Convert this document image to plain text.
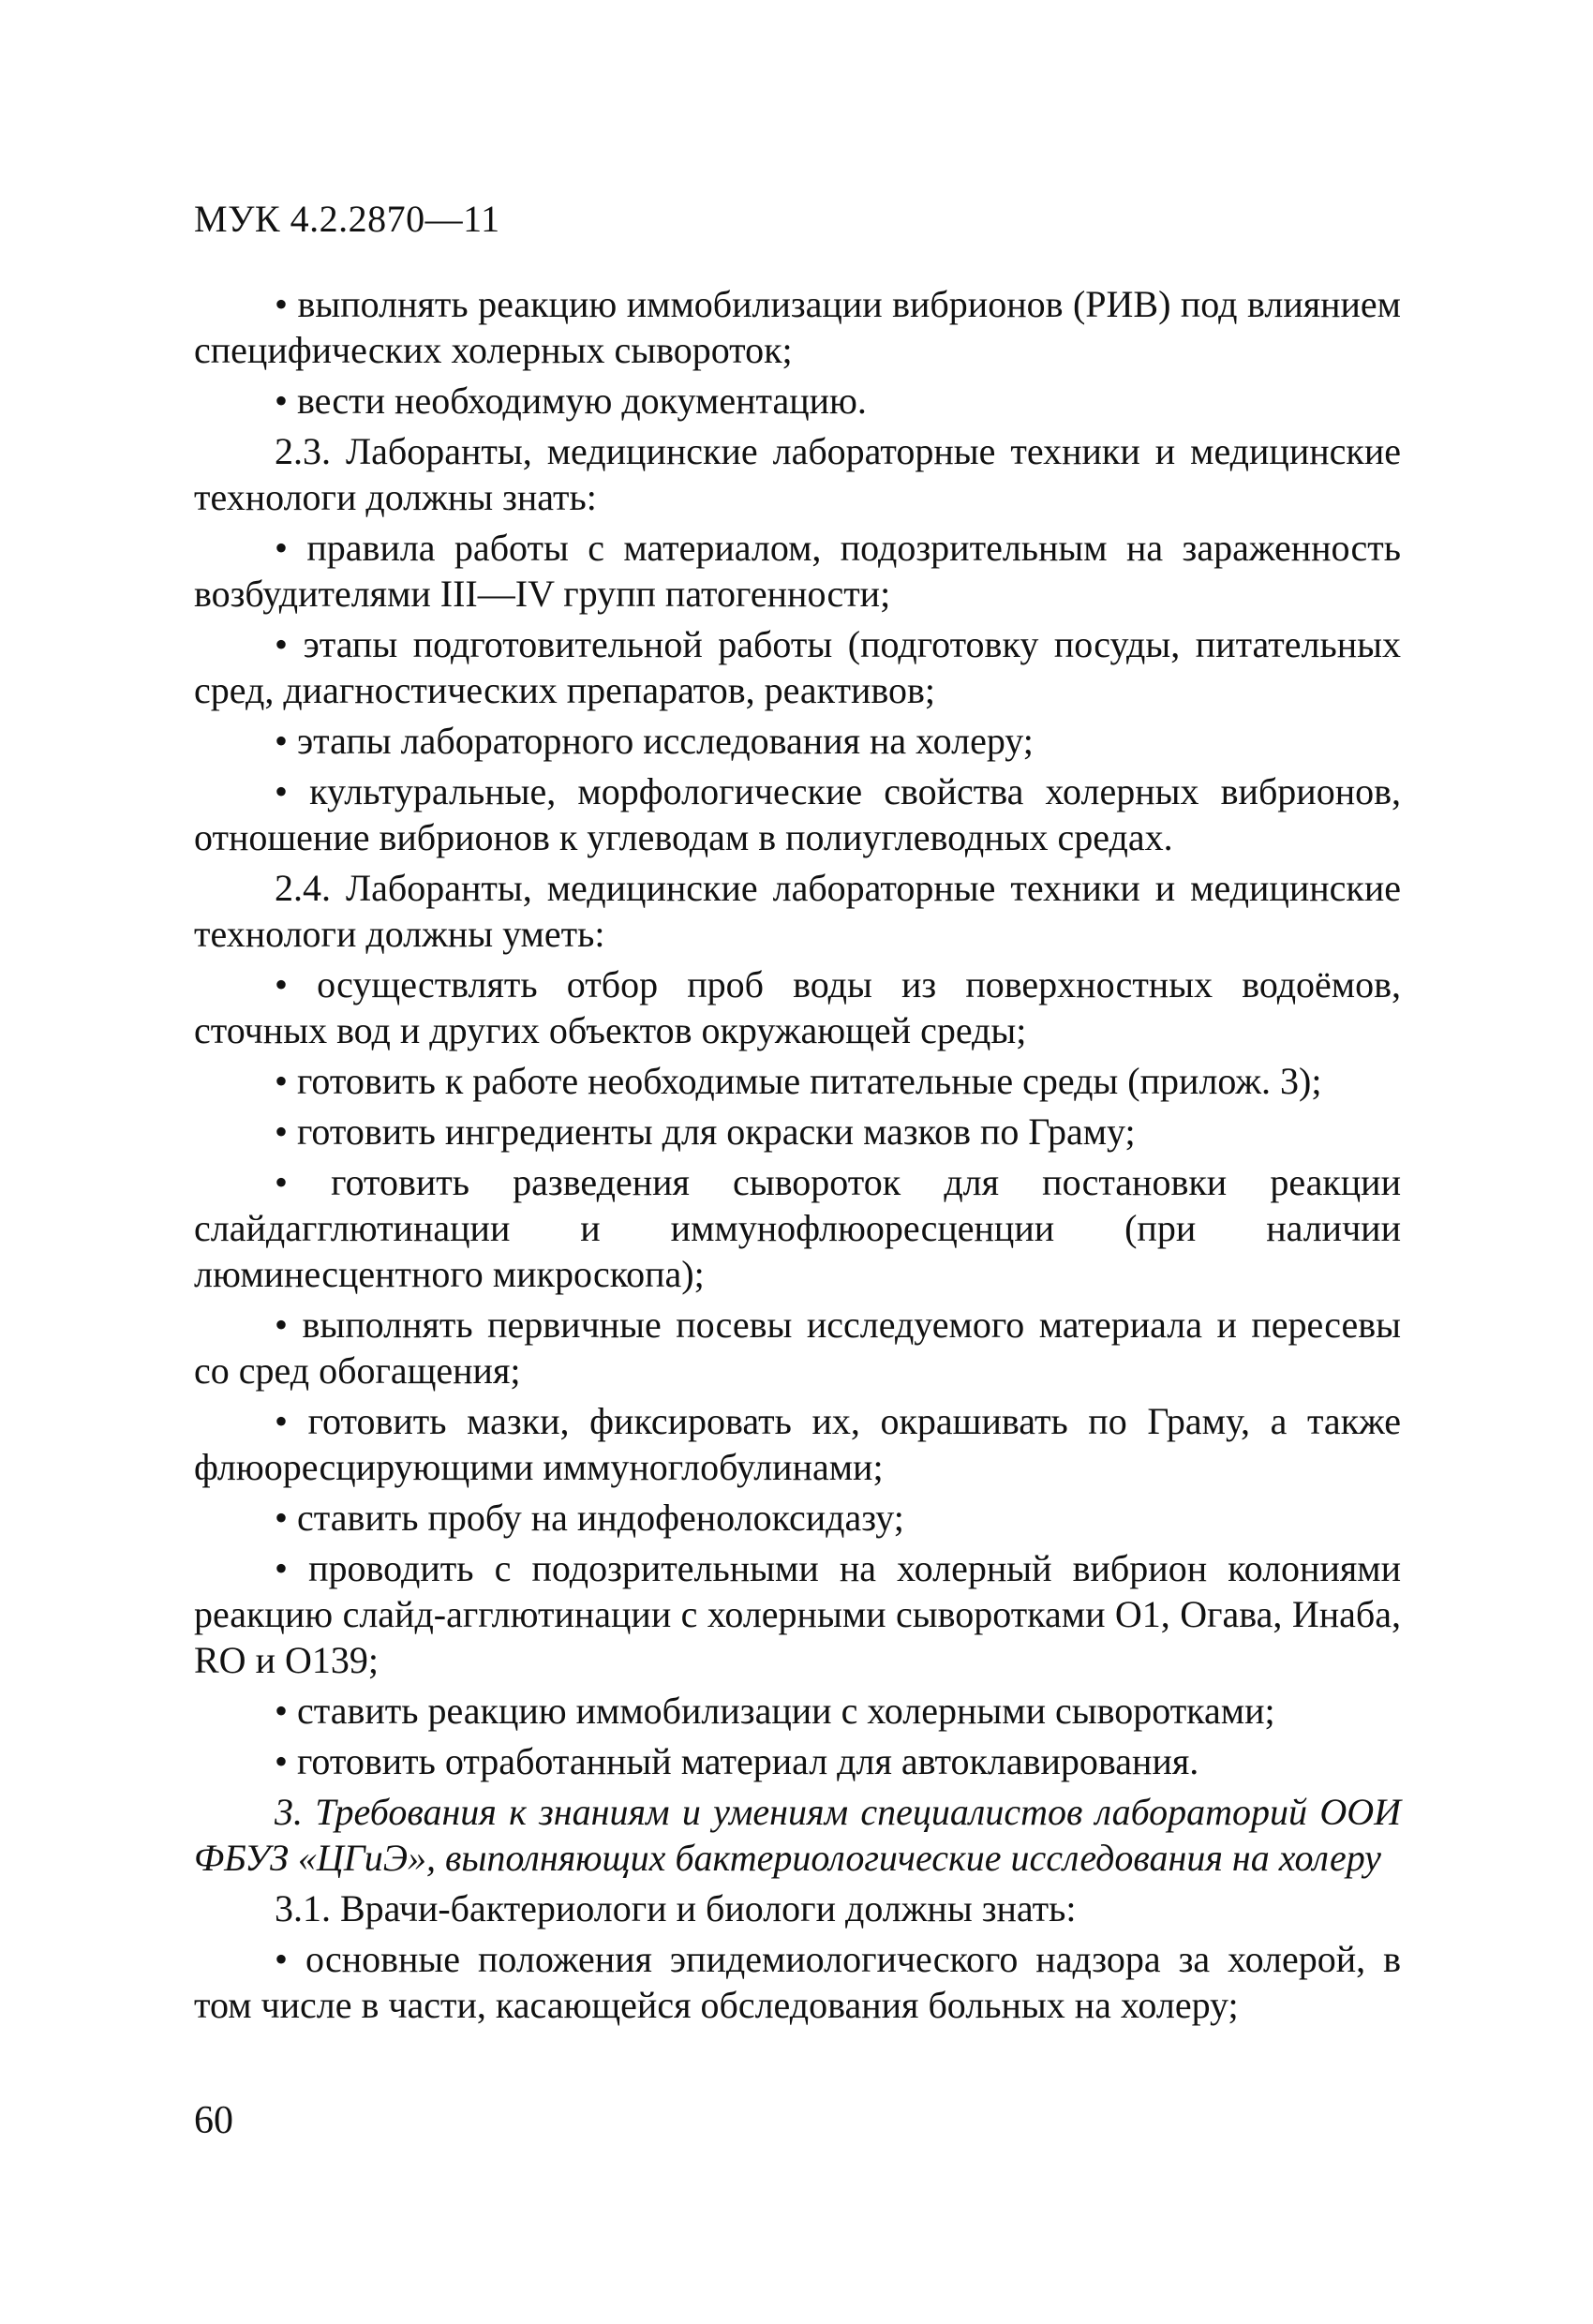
МУК 4.2.2870—11

• выполнять реакцию иммобилизации вибрионов (РИВ) под влиянием специфических холерных сывороток;

• вести необходимую документацию.

2.3. Лаборанты, медицинские лабораторные техники и медицинские технологи должны знать:

• правила работы с материалом, подозрительным на зараженность возбудителями III—IV групп патогенности;

• этапы подготовительной работы (подготовку посуды, питательных сред, диагностических препаратов, реактивов;

• этапы лабораторного исследования на холеру;

• культуральные, морфологические свойства холерных вибрионов, отношение вибрионов к углеводам в полиуглеводных средах.

2.4. Лаборанты, медицинские лабораторные техники и медицинские технологи должны уметь:

• осуществлять отбор проб воды из поверхностных водоёмов, сточных вод и других объектов окружающей среды;

• готовить к работе необходимые питательные среды (прилож. 3);

• готовить ингредиенты для окраски мазков по Граму;

• готовить разведения сывороток для постановки реакции слайдагглютинации и иммунофлюоресценции (при наличии люминесцентного микроскопа);

• выполнять первичные посевы исследуемого материала и пересевы со сред обогащения;

• готовить мазки, фиксировать их, окрашивать по Граму, а также флюоресцирующими иммуноглобулинами;

• ставить пробу на индофенолоксидазу;

• проводить с подозрительными на холерный вибрион колониями реакцию слайд-агглютинации с холерными сыворотками O1, Огава, Инаба, RO и O139;

• ставить реакцию иммобилизации с холерными сыворотками;

• готовить отработанный материал для автоклавирования.

3. Требования к знаниям и умениям специалистов лабораторий ООИ ФБУЗ «ЦГиЭ», выполняющих бактериологические исследования на холеру

3.1. Врачи-бактериологи и биологи должны знать:

• основные положения эпидемиологического надзора за холерой, в том числе в части, касающейся обследования больных на холеру;

60
